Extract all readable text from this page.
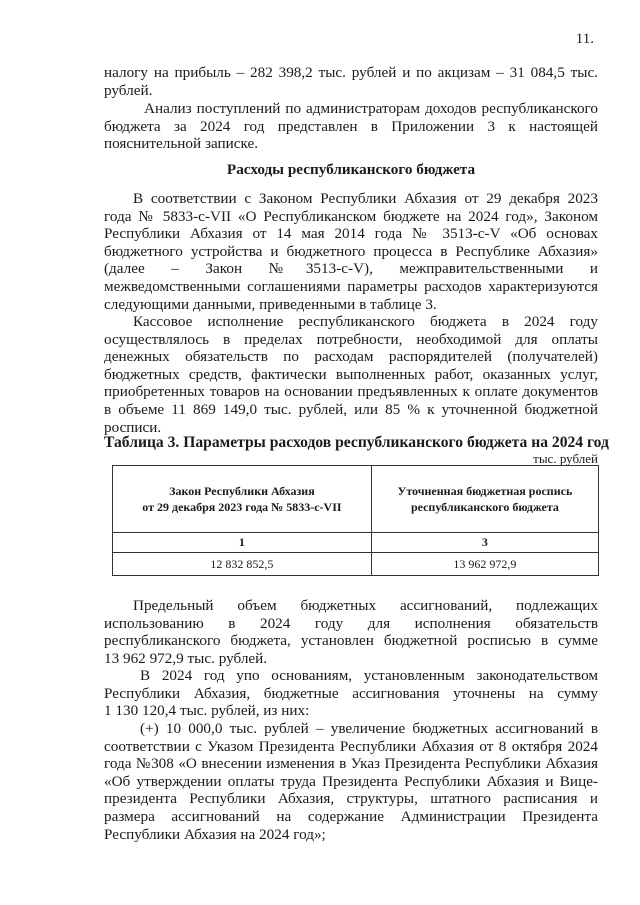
11.
налогу на прибыль – 282 398,2 тыс. рублей и по акцизам – 31 084,5 тыс.
рублей.
Анализ поступлений по администраторам доходов республиканского
бюджета за 2024 год представлен в Приложении 3 к настоящей
пояснительной записке.
Расходы республиканского бюджета
В соответствии с Законом Республики Абхазия от 29 декабря 2023
года № 5833-с-VII «О Республиканском бюджете на 2024 год», Законом
Республики Абхазия от 14 мая 2014 года № 3513-с-V «Об основах
бюджетного устройства и бюджетного процесса в Республике Абхазия»
(далее – Закон №3513-с-V), межправительственными и
межведомственными соглашениями параметры расходов характеризуются
следующими данными, приведенными в таблице 3.
Кассовое исполнение республиканского бюджета в 2024 году
осуществлялось в пределах потребности, необходимой для оплаты
денежных обязательств по расходам распорядителей (получателей)
бюджетных средств, фактически выполненных работ, оказанных услуг,
приобретенных товаров на основании предъявленных к оплате документов
в объеме 11 869 149,0 тыс. рублей, или 85 % к уточненной бюджетной
росписи.
Таблица 3. Параметры расходов республиканского бюджета на 2024 год
тыс. рублей
Закон Республики Абхазия
от 29 декабря 2023 года № 5833-с-VII	Уточненная бюджетная роспись
республиканского бюджета
1	3
12 832 852,5	13 962 972,9
Предельный объем бюджетных ассигнований, подлежащих
использованию в 2024 году для исполнения обязательств
республиканского бюджета, установлен бюджетной росписью в сумме
13 962 972,9 тыс. рублей.
В 2024 год упо основаниям, установленным законодательством
Республики Абхазия, бюджетные ассигнования уточнены на сумму
1 130 120,4 тыс. рублей, из них:
(+) 10 000,0 тыс. рублей – увеличение бюджетных ассигнований в
соответствии с Указом Президента Республики Абхазия от 8 октября 2024
года №308 «О внесении изменения в Указ Президента Республики Абхазия
«Об утверждении оплаты труда Президента Республики Абхазия и Вице-
президента Республики Абхазия, структуры, штатного расписания и
размера ассигнований на содержание Администрации Президента
Республики Абхазия на 2024 год»;
